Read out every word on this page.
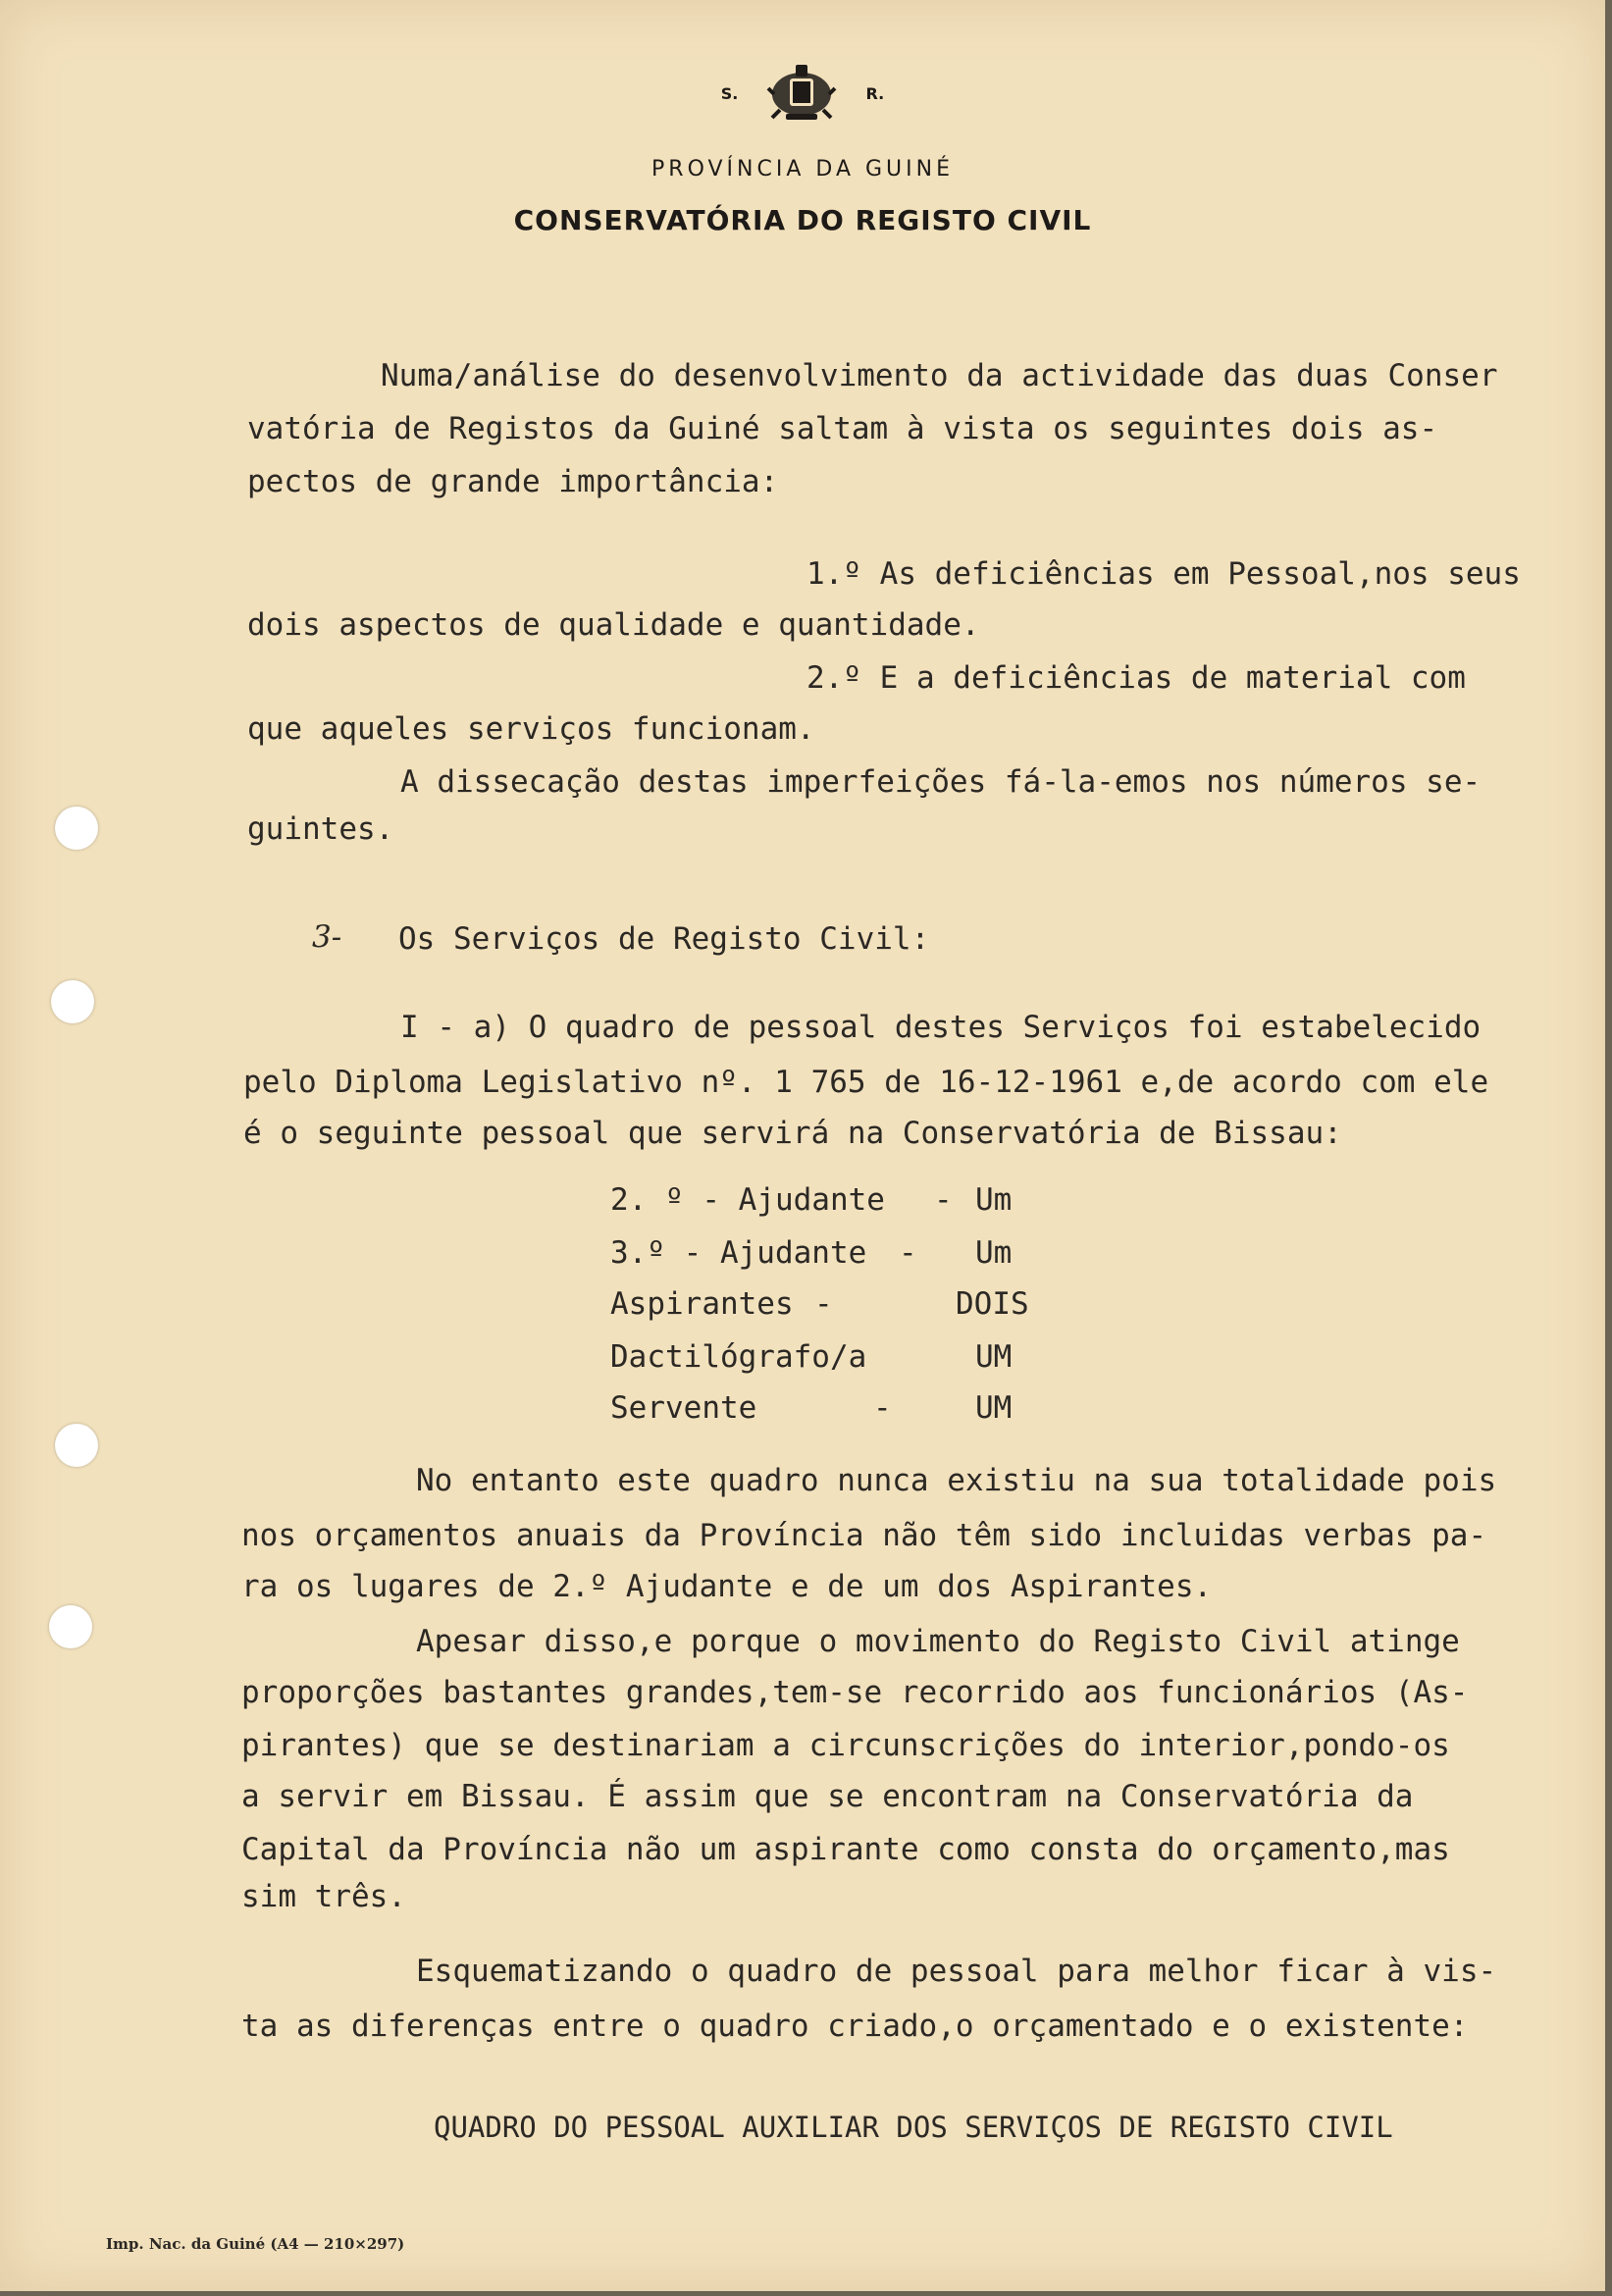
S.	R.
PROVÍNCIA DA GUINÉ
CONSERVATÓRIA DO REGISTO CIVIL
Numa/análise do desenvolvimento da actividade das duas Conser
vatória de Registos da Guiné saltam à vista os seguintes dois as-
pectos de grande importância:
1.º As deficiências em Pessoal,nos seus
dois aspectos de qualidade e quantidade.
2.º E a deficiências de material com
que aqueles serviços funcionam.
A dissecação destas imperfeições fá-la-emos nos números se-
guintes.
3- Os Serviços de Registo Civil:
I - a) O quadro de pessoal destes Serviços foi estabelecido
pelo Diploma Legislativo nº. 1 765 de 16-12-1961 e,de acordo com ele
é o seguinte pessoal que servirá na Conservatória de Bissau:
2. º - Ajudante - Um
3.º - Ajudante - Um
Aspirantes -	DOIS
Dactilógrafo/a	UM
Servente	-	UM
No entanto este quadro nunca existiu na sua totalidade pois
nos orçamentos anuais da Província não têm sido incluidas verbas pa-
ra os lugares de 2.º Ajudante e de um dos Aspirantes.
Apesar disso,e porque o movimento do Registo Civil atinge
proporções bastantes grandes,tem-se recorrido aos funcionários (As-
pirantes) que se destinariam a circunscrições do interior,pondo-os
a servir em Bissau. É assim que se encontram na Conservatória da
Capital da Província não um aspirante como consta do orçamento,mas
sim três.
Esquematizando o quadro de pessoal para melhor ficar à vis-
ta as diferenças entre o quadro criado,o orçamentado e o existente:
QUADRO DO PESSOAL AUXILIAR DOS SERVIÇOS DE REGISTO CIVIL
Imp. Nac. da Guiné (A4 — 210×297)
